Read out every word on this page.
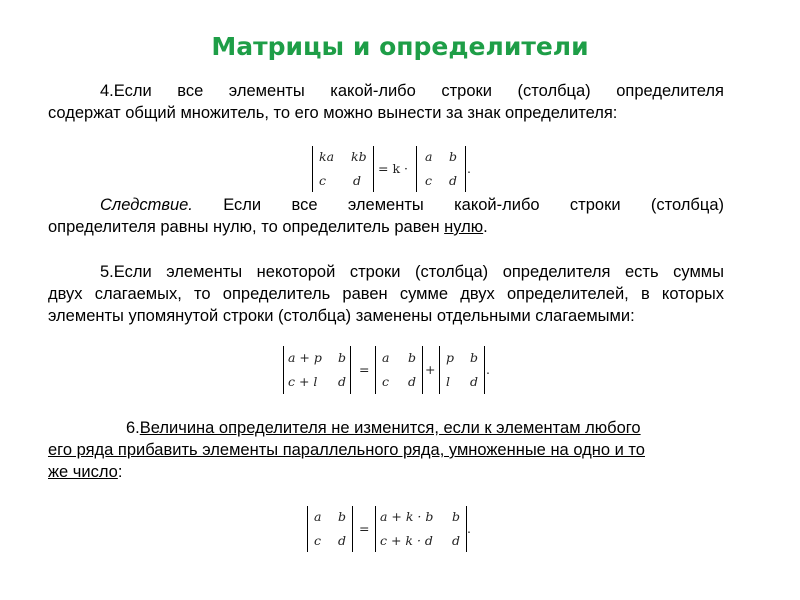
Матрицы и определители
4.Если все элементы какой-либо строки (столбца) определителя
содержат общий множитель, то его можно вынести за знак определителя:
ka kb
c d
= k ·
a b
c d
.
Следствие. Если все элементы какой-либо строки (столбца)
определителя равны нулю, то определитель равен нулю.
5.Если элементы некоторой строки (столбца) определителя есть суммы
двух слагаемых, то определитель равен сумме двух определителей, в которых
элементы упомянутой строки (столбца) заменены отдельными слагаемыми:
a + p b
c + l d
=
a b
c d
+
p b
l d
.
6.Величина определителя не изменится, если к элементам любого
его ряда прибавить элементы параллельного ряда, умноженные на одно и то
же число:
a b
c d
=
a + k · b b
c + k · d d
.
